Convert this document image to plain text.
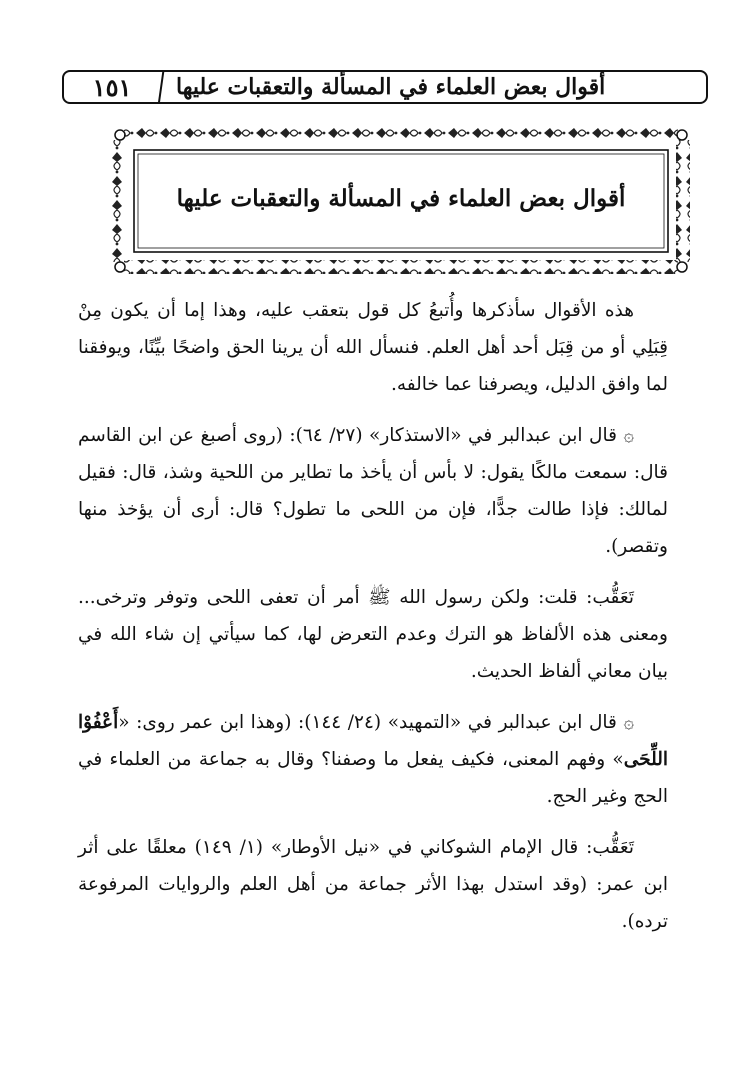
١٥١	أقوال بعض العلماء في المسألة والتعقبات عليها
أقوال بعض العلماء في المسألة والتعقبات عليها

هذه الأقوال سأذكرها وأُتبعُ كل قول بتعقب عليه، وهذا إما أن يكون مِنْ قِبَلِي أو من قِبَل أحد أهل العلم. فنسأل الله أن يرينا الحق واضحًا بيِّنًا، ويوفقنا لما وافق الدليل، ويصرفنا عما خالفه.

۞ قال ابن عبدالبر في «الاستذكار» (٢٧/ ٦٤): (روى أصبغ عن ابن القاسم قال: سمعت مالكًا يقول: لا بأس أن يأخذ ما تطاير من اللحية وشذ، قال: فقيل لمالك: فإذا طالت جدًّا، فإن من اللحى ما تطول؟ قال: أرى أن يؤخذ منها وتقصر).

تَعَقُّب: قلت: ولكن رسول الله ﷺ أمر أن تعفى اللحى وتوفر وترخى... ومعنى هذه الألفاظ هو الترك وعدم التعرض لها، كما سيأتي إن شاء الله في بيان معاني ألفاظ الحديث.

۞ قال ابن عبدالبر في «التمهيد» (٢٤/ ١٤٤): (وهذا ابن عمر روى: «أَعْفُوْا اللِّحَى» وفهم المعنى، فكيف يفعل ما وصفنا؟ وقال به جماعة من العلماء في الحج وغير الحج.

تَعَقُّب: قال الإمام الشوكاني في «نيل الأوطار» (١/ ١٤٩) معلقًا على أثر ابن عمر: (وقد استدل بهذا الأثر جماعة من أهل العلم والروايات المرفوعة ترده).
